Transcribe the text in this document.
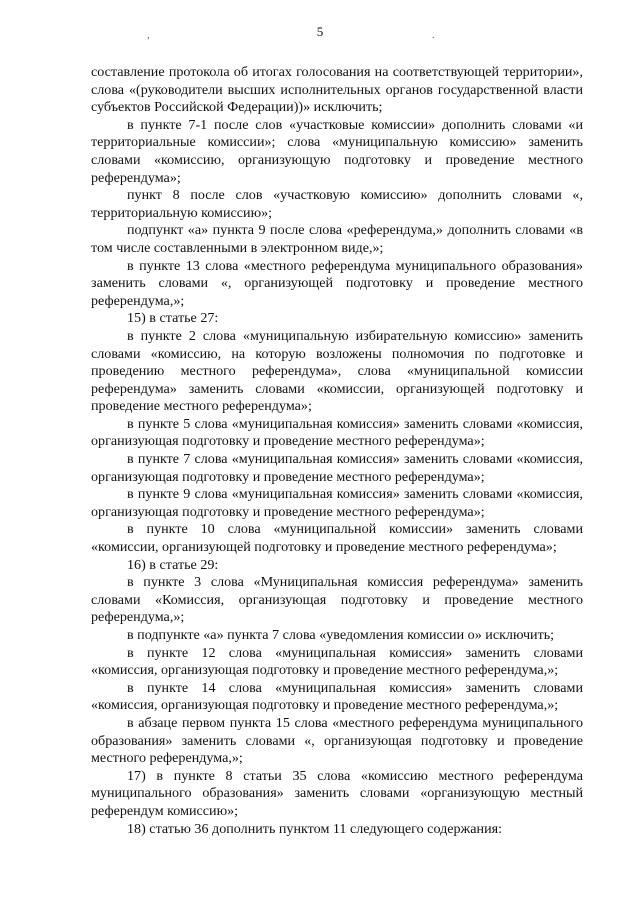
5
,	.

составление протокола об итогах голосования на соответствующей территории», слова «(руководители высших исполнительных органов государственной власти субъектов Российской Федерации))» исключить;

в пункте 7-1 после слов «участковые комиссии» дополнить словами «и территориальные комиссии»; слова «муниципальную комиссию» заменить словами «комиссию, организующую подготовку и проведение местного референдума»;

пункт 8 после слов «участковую комиссию» дополнить словами «, территориальную комиссию»;

подпункт «а» пункта 9 после слова «референдума,» дополнить словами «в том числе составленными в электронном виде,»;

в пункте 13 слова «местного референдума муниципального образования» заменить словами «, организующей подготовку и проведение местного референдума,»;

15) в статье 27:

в пункте 2 слова «муниципальную избирательную комиссию» заменить словами «комиссию, на которую возложены полномочия по подготовке и проведению местного референдума», слова «муниципальной комиссии референдума» заменить словами «комиссии, организующей подготовку и проведение местного референдума»;

в пункте 5 слова «муниципальная комиссия» заменить словами «комиссия, организующая подготовку и проведение местного референдума»;

в пункте 7 слова «муниципальная комиссия» заменить словами «комиссия, организующая подготовку и проведение местного референдума»;

в пункте 9 слова «муниципальная комиссия» заменить словами «комиссия, организующая подготовку и проведение местного референдума»;

в пункте 10 слова «муниципальной комиссии» заменить словами «комиссии, организующей подготовку и проведение местного референдума»;

16) в статье 29:

в пункте 3 слова «Муниципальная комиссия референдума» заменить словами «Комиссия, организующая подготовку и проведение местного референдума,»;

в подпункте «а» пункта 7 слова «уведомления комиссии о» исключить;

в пункте 12 слова «муниципальная комиссия» заменить словами «комиссия, организующая подготовку и проведение местного референдума,»;

в пункте 14 слова «муниципальная комиссия» заменить словами «комиссия, организующая подготовку и проведение местного референдума,»;

в абзаце первом пункта 15 слова «местного референдума муниципального образования» заменить словами «, организующая подготовку и проведение местного референдума,»;

17) в пункте 8 статьи 35 слова «комиссию местного референдума муниципального образования» заменить словами «организующую местный референдум комиссию»;

18) статью 36 дополнить пунктом 11 следующего содержания:
